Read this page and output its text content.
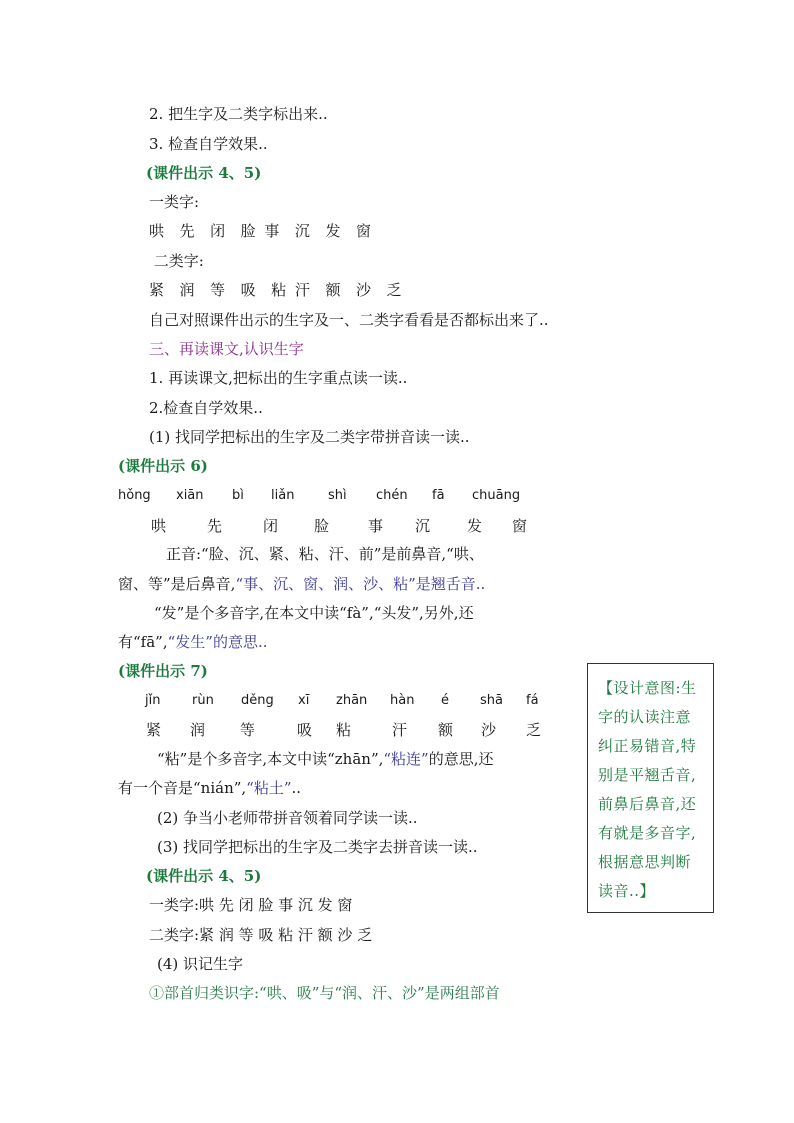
2. 把生字及二类字标出来..
3. 检查自学效果..
(课件出示 4、5)
一类字:
哄  先  闭  脸 事  沉  发  窗
二类字:
紧  润  等  吸  粘 汗  额  沙  乏
自己对照课件出示的生字及一、二类字看看是否都标出来了..
三、再读课文,认识生字
1. 再读课文,把标出的生字重点读一读..
2.检查自学效果..
(1) 找同学把标出的生字及二类字带拼音读一读..
(课件出示 6)
hǒng xiān bì liǎn	shì chén fā chuāng
哄	先	闭 脸	事 沉 发 窗
正音:“脸、沉、紧、粘、汗、前”是前鼻音,“哄、
窗、等”是后鼻音,“事、沉、窗、润、沙、粘”是翘舌音..
“发”是个多音字,在本文中读“fà”,“头发”,另外,还
有“fā”,“发生”的意思..
(课件出示 7)
jǐn rùn děng xī zhān hàn é shā fá
紧 润 等	吸 粘	汗 额 沙 乏
“粘”是个多音字,本文中读“zhān”,“粘连”的意思,还
有一个音是“nián”,“粘土”..
(2) 争当小老师带拼音领着同学读一读..
(3) 找同学把标出的生字及二类字去拼音读一读..
(课件出示 4、5)
一类字:哄 先 闭 脸 事 沉 发 窗
二类字:紧 润 等 吸 粘 汗 额 沙 乏
(4) 识记生字
①部首归类识字:“哄、吸”与“润、汗、沙”是两组部首
【设计意图:生
字的认读注意
纠正易错音,特
别是平翘舌音,
前鼻后鼻音,还
有就是多音字,
根据意思判断
读音..】
